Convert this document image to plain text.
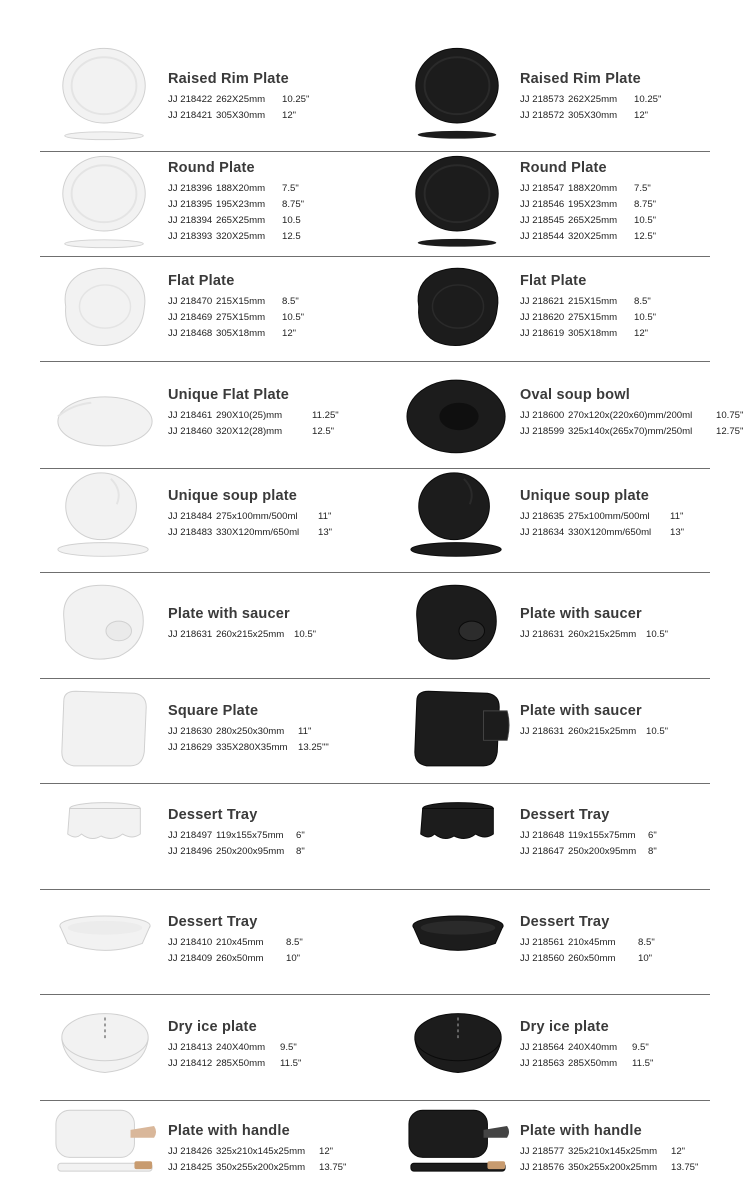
Raised Rim Plate
JJ 218422 262X25mm	10.25"
JJ 218421 305X30mm	12"
Raised Rim Plate
JJ 218573 262X25mm	10.25"
JJ 218572 305X30mm	12"
Round Plate
JJ 218396 188X20mm	7.5"
JJ 218395 195X23mm	8.75"
JJ 218394 265X25mm	10.5
JJ 218393 320X25mm	12.5
Round Plate
JJ 218547 188X20mm	7.5"
JJ 218546 195X23mm	8.75"
JJ 218545 265X25mm	10.5"
JJ 218544 320X25mm	12.5"
Flat Plate
JJ 218470 215X15mm	8.5"
JJ 218469 275X15mm	10.5"
JJ 218468 305X18mm	12"
Flat Plate
JJ 218621 215X15mm	8.5"
JJ 218620 275X15mm	10.5"
JJ 218619 305X18mm	12"
Unique Flat Plate
JJ 218461 290X10(25)mm	11.25"
JJ 218460 320X12(28)mm	12.5"
Oval soup bowl
JJ 218600 270x120x(220x60)mm/200ml	10.75"
JJ 218599 325x140x(265x70)mm/250ml	12.75"
Unique soup plate
JJ 218484 275x100mm/500ml	11"
JJ 218483 330X120mm/650ml	13"
Unique soup plate
JJ 218635 275x100mm/500ml	11"
JJ 218634 330X120mm/650ml	13"
Plate with saucer
JJ 218631 260x215x25mm	10.5"
Plate with saucer
JJ 218631 260x215x25mm	10.5"
Square Plate
JJ 218630 280x250x30mm	11"
JJ 218629 335X280X35mm	13.25""
Plate with saucer
JJ 218631 260x215x25mm	10.5"
Dessert Tray
JJ 218497 119x155x75mm	6"
JJ 218496 250x200x95mm	8"
Dessert Tray
JJ 218648 119x155x75mm	6"
JJ 218647 250x200x95mm	8"
Dessert Tray
JJ 218410 210x45mm	8.5"
JJ 218409 260x50mm	10"
Dessert Tray
JJ 218561 210x45mm	8.5"
JJ 218560 260x50mm	10"
Dry ice plate
JJ 218413 240X40mm	9.5"
JJ 218412 285X50mm	11.5"
Dry ice plate
JJ 218564 240X40mm	9.5"
JJ 218563 285X50mm	11.5"
Plate with handle
JJ 218426 325x210x145x25mm	12"
JJ 218425 350x255x200x25mm	13.75"
Plate with handle
JJ 218577 325x210x145x25mm	12"
JJ 218576 350x255x200x25mm	13.75"
